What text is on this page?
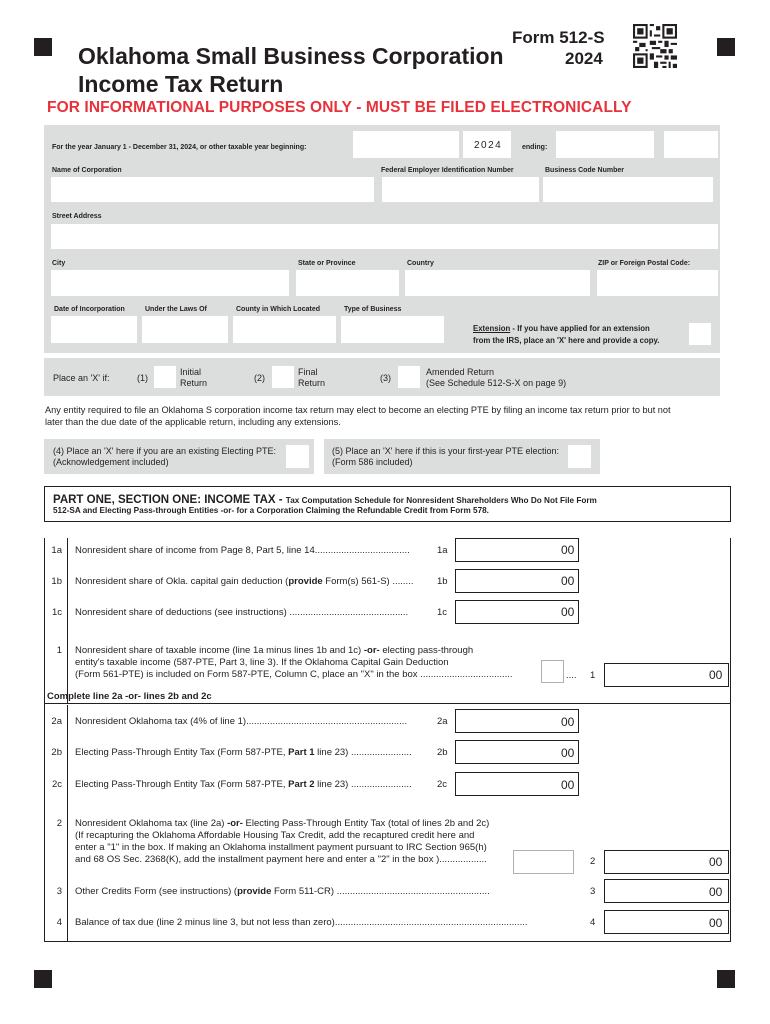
Oklahoma Small Business Corporation
Income Tax Return
Form 512-S
2024
FOR INFORMATIONAL PURPOSES ONLY - MUST BE FILED ELECTRONICALLY
For the year January 1 - December 31, 2024, or other taxable year beginning:	2024	ending:
Name of Corporation	Federal Employer Identification Number	Business Code Number
Street Address
City	State or Province	Country	ZIP or Foreign Postal Code:
Date of Incorporation	Under the Laws Of	County in Which Located	Type of Business
Extension - If you have applied for an extension
from the IRS, place an 'X' here and provide a copy.
Place an 'X' if:	(1)
Initial
Return	(2)
Final
Return	(3)
Amended Return
(See Schedule 512-S-X on page 9)
Any entity required to file an Oklahoma S corporation income tax return may elect to become an electing PTE by filing an income tax return prior to but not
later than the due date of the applicable return, including any extensions.
(4) Place an 'X' here if you are an existing Electing PTE:
(Acknowledgement included)
(5) Place an 'X' here if this is your first-year PTE election:
(Form 586 included)
PART ONE, SECTION ONE: INCOME TAX - Tax Computation Schedule for Nonresident Shareholders Who Do Not File Form
512-SA and Electing Pass-through Entities -or- for a Corporation Claiming the Refundable Credit from Form 578.
1a Nonresident share of income from Page 8, Part 5, line 14....................................	1a	00
1b Nonresident share of Okla. capital gain deduction (provide Form(s) 561-S) ........ 1b	00
1c Nonresident share of deductions (see instructions) .............................................	1c	00
1 Nonresident share of taxable income (line 1a minus lines 1b and 1c) -or- electing pass-through
entity's taxable income (587-PTE, Part 3, line 3). If the Oklahoma Capital Gain Deduction
(Form 561-PTE) is included on Form 587-PTE, Column C, place an "X" in the box ...................................	.... 1	00
Complete line 2a -or- lines 2b and 2c
2a Nonresident Oklahoma tax (4% of line 1).............................................................	2a	00
2b Electing Pass-Through Entity Tax (Form 587-PTE, Part 1 line 23) .......................	2b	00
2c Electing Pass-Through Entity Tax (Form 587-PTE, Part 2 line 23) .......................	2c	00
2 Nonresident Oklahoma tax (line 2a) -or- Electing Pass-Through Entity Tax (total of lines 2b and 2c)
(If recapturing the Oklahoma Affordable Housing Tax Credit, add the recaptured credit here and
enter a "1" in the box. If making an Oklahoma installment payment pursuant to IRC Section 965(h)
and 68 OS Sec. 2368(K), add the installment payment here and enter a "2" in the box )..................	2	00
3 Other Credits Form (see instructions) (provide Form 511-CR) ..........................................................	3	00
4 Balance of tax due (line 2 minus line 3, but not less than zero).........................................................................	4	00
